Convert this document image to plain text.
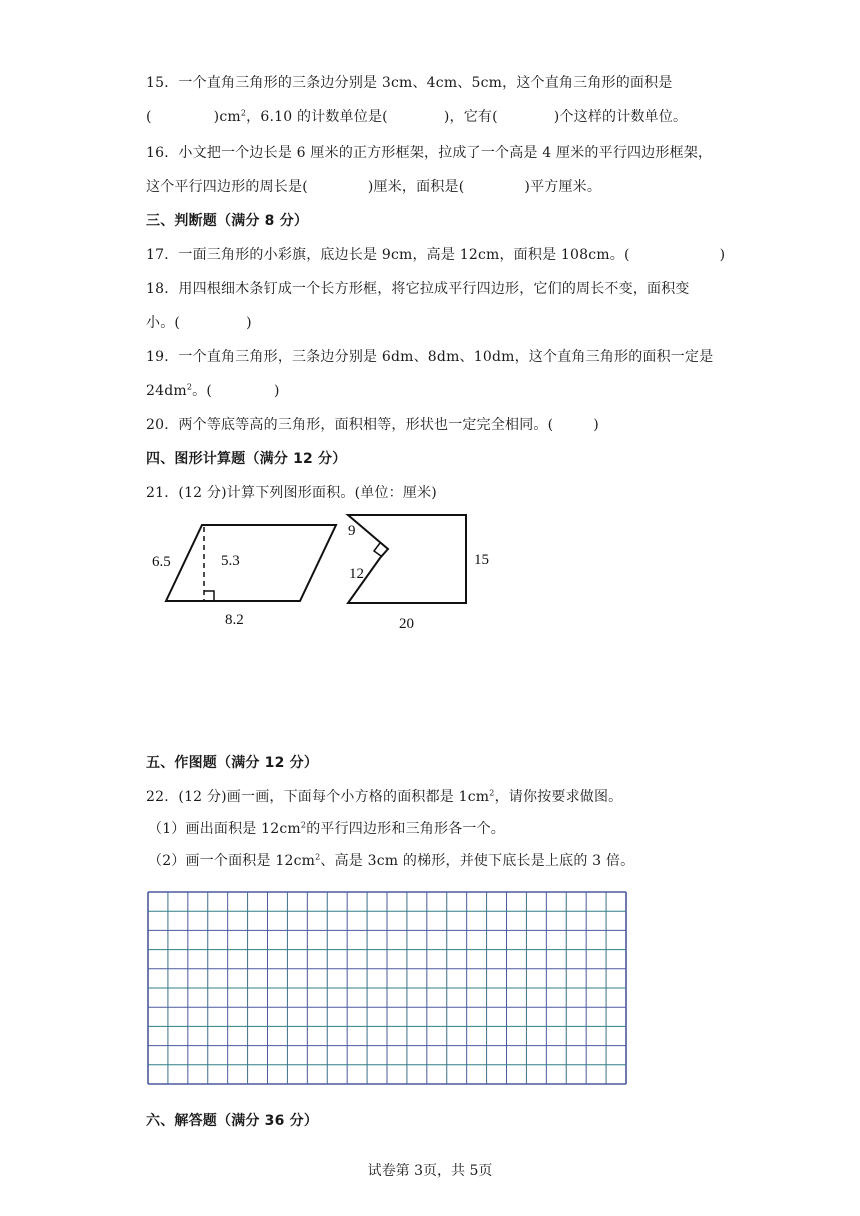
15．一个直角三角形的三条边分别是 3cm、4cm、5cm，这个直角三角形的面积是
(	)$cm^2$，6.10 的计数单位是(	)，它有(	)个这样的计数单位。
16．小文把一个边长是 6 厘米的正方形框架，拉成了一个高是 4 厘米的平行四边形框架，
这个平行四边形的周长是(	)厘米，面积是(	)平方厘米。
三、判断题（满分 8 分）
17．一面三角形的小彩旗，底边长是 9cm，高是 12cm，面积是 108cm。(	)
18．用四根细木条钉成一个长方形框，将它拉成平行四边形，它们的周长不变，面积变
小。(	)
19．一个直角三角形，三条边分别是 6dm、8dm、10dm，这个直角三角形的面积一定是
$24dm^2$。(	)
20．两个等底等高的三角形，面积相等，形状也一定完全相同。(	)
四、图形计算题（满分 12 分）
21．(12 分)计算下列图形面积。(单位：厘米)
6.5	5.3
8.2
9
12
15
20
五、作图题（满分 12 分）
22．(12 分)画一画，下面每个小方格的面积都是 $1cm^2$，请你按要求做图。
（1）画出面积是 $12cm^2$的平行四边形和三角形各一个。
（2）画一个面积是 $12cm^2$、高是 3cm 的梯形，并使下底长是上底的 3 倍。
六、解答题（满分 36 分）
试卷第 3页，共 5页
